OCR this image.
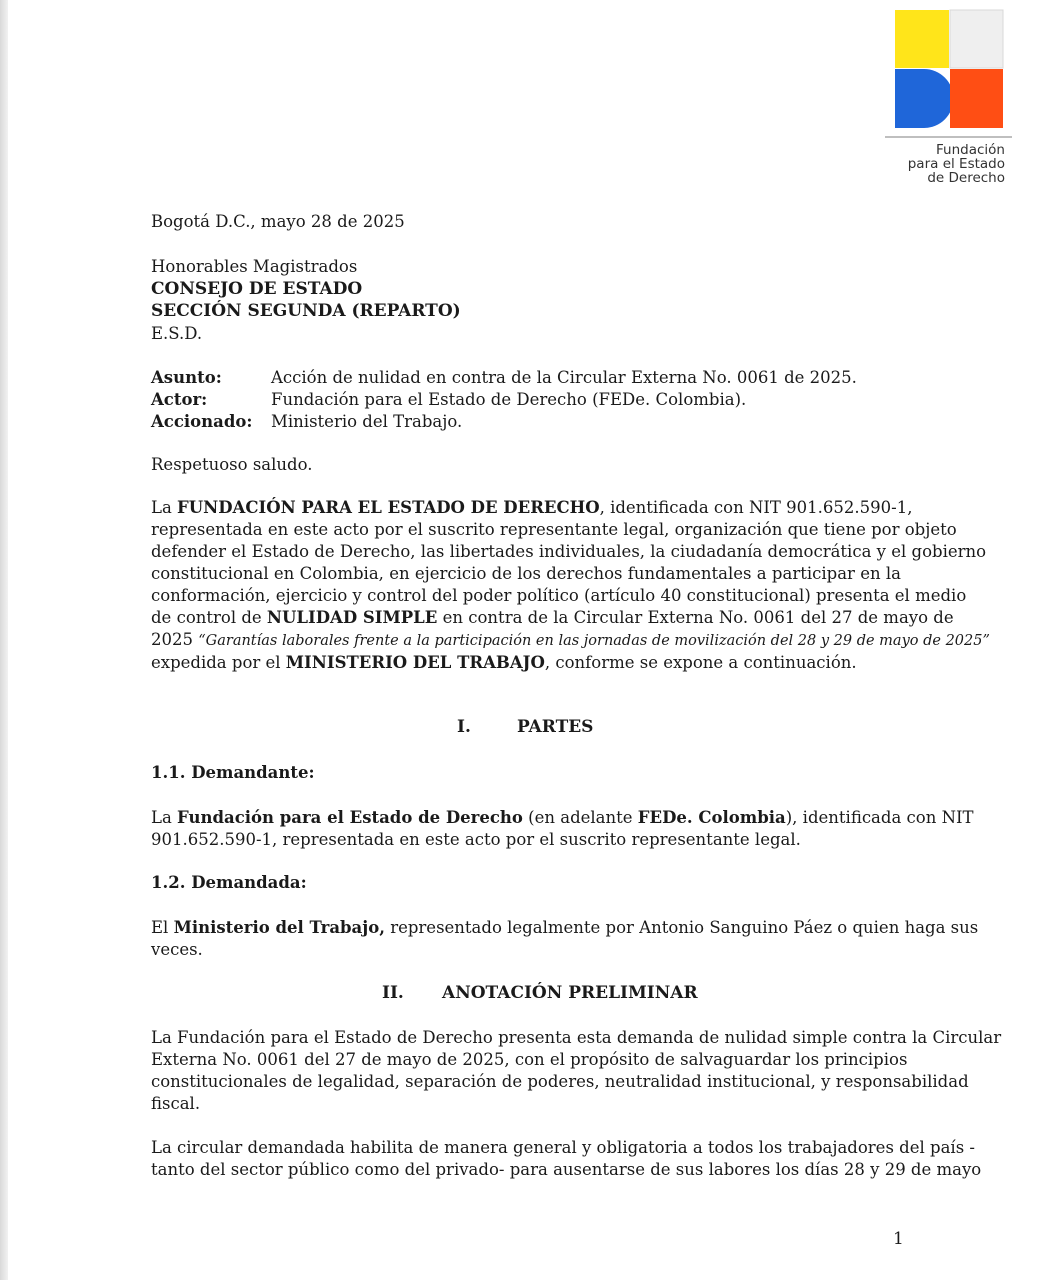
Fundación
para el Estado
de Derecho
Bogotá D.C., mayo 28 de 2025
Honorables Magistrados
CONSEJO DE ESTADO
SECCIÓN SEGUNDA (REPARTO)
E.S.D.
Asunto:	Acción de nulidad en contra de la Circular Externa No. 0061 de 2025.
Actor:	Fundación para el Estado de Derecho (FEDe. Colombia).
Accionado: Ministerio del Trabajo.
Respetuoso saludo.
La FUNDACIÓN PARA EL ESTADO DE DERECHO, identificada con NIT 901.652.590-1,
representada en este acto por el suscrito representante legal, organización que tiene por objeto
defender el Estado de Derecho, las libertades individuales, la ciudadanía democrática y el gobierno
constitucional en Colombia, en ejercicio de los derechos fundamentales a participar en la
conformación, ejercicio y control del poder político (artículo 40 constitucional) presenta el medio
de control de NULIDAD SIMPLE en contra de la Circular Externa No. 0061 del 27 de mayo de
2025 “Garantías laborales frente a la participación en las jornadas de movilización del 28 y 29 de mayo de 2025”
expedida por el MINISTERIO DEL TRABAJO, conforme se expone a continuación.
I.	PARTES
1.1. Demandante:
La Fundación para el Estado de Derecho (en adelante FEDe. Colombia), identificada con NIT
901.652.590-1, representada en este acto por el suscrito representante legal.
1.2. Demandada:
El Ministerio del Trabajo, representado legalmente por Antonio Sanguino Páez o quien haga sus
veces.
II. ANOTACIÓN PRELIMINAR
La Fundación para el Estado de Derecho presenta esta demanda de nulidad simple contra la Circular
Externa No. 0061 del 27 de mayo de 2025, con el propósito de salvaguardar los principios
constitucionales de legalidad, separación de poderes, neutralidad institucional, y responsabilidad
fiscal.
La circular demandada habilita de manera general y obligatoria a todos los trabajadores del país -
tanto del sector público como del privado- para ausentarse de sus labores los días 28 y 29 de mayo
1
